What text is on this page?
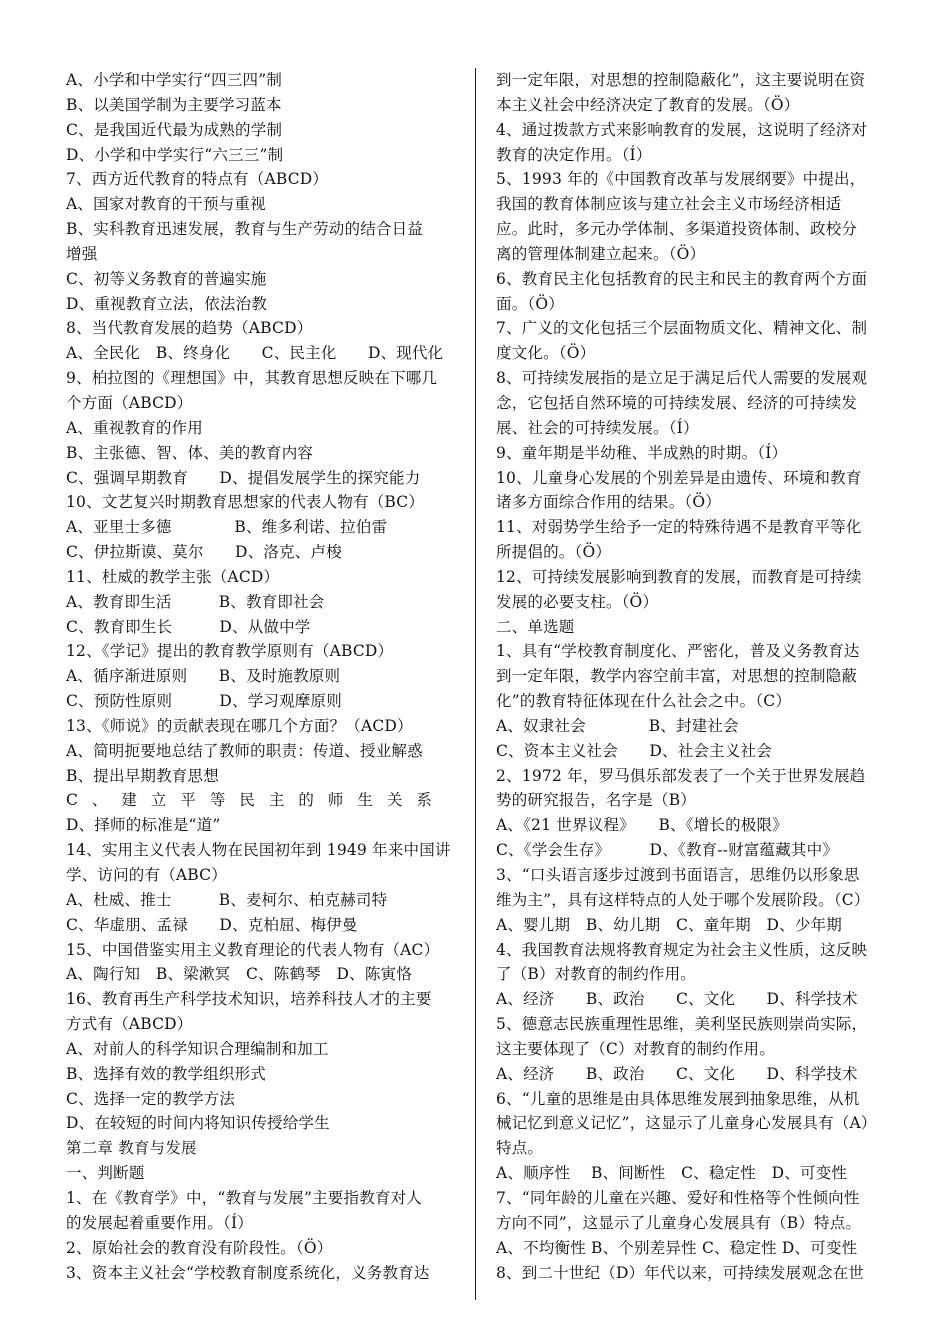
A、小学和中学实行“四三四”制
B、以美国学制为主要学习蓝本
C、是我国近代最为成熟的学制
D、小学和中学实行“六三三”制
7、西方近代教育的特点有（ABCD）
A、国家对教育的干预与重视
B、实科教育迅速发展，教育与生产劳动的结合日益
增强
C、初等义务教育的普遍实施
D、重视教育立法，依法治教
8、当代教育发展的趋势（ABCD）
A、全民化　B、终身化　　C、民主化　　D、现代化
9、柏拉图的《理想国》中，其教育思想反映在下哪几
个方面（ABCD）
A、重视教育的作用
B、主张德、智、体、美的教育内容
C、强调早期教育　　D、提倡发展学生的探究能力
10、文艺复兴时期教育思想家的代表人物有（BC）
A、亚里士多德　　　　B、维多利诺、拉伯雷
C、伊拉斯谟、莫尔　　D、洛克、卢梭
11、杜威的教学主张（ACD）
A、教育即生活　　　B、教育即社会
C、教育即生长　　　D、从做中学
12、《学记》提出的教育教学原则有（ABCD）
A、循序渐进原则　　B、及时施教原则
C、预防性原则　　　D、学习观摩原则
13、《师说》的贡献表现在哪几个方面？（ACD）
A、简明扼要地总结了教师的职责：传道、授业解惑
B、提出早期教育思想
C、建立平等民主的师生关系
D、择师的标准是“道”
14、实用主义代表人物在民国初年到 1949 年来中国讲
学、访问的有（ABC）
A、杜威、推士　　　B、麦柯尔、柏克赫司特
C、华虚朋、孟禄　　D、克柏屈、梅伊曼
15、中国借鉴实用主义教育理论的代表人物有（AC）
A、陶行知　B、梁漱冥　C、陈鹤琴　D、陈寅恪
16、教育再生产科学技术知识，培养科技人才的主要
方式有（ABCD）
A、对前人的科学知识合理编制和加工
B、选择有效的教学组织形式
C、选择一定的教学方法
D、在较短的时间内将知识传授给学生
第二章 教育与发展
一、判断题
1、在《教育学》中，“教育与发展”主要指教育对人
的发展起着重要作用。（Í）
2、原始社会的教育没有阶段性。（Ö）
3、资本主义社会“学校教育制度系统化，义务教育达
到一定年限，对思想的控制隐蔽化”，这主要说明在资
本主义社会中经济决定了教育的发展。（Ö）
4、通过拨款方式来影响教育的发展，这说明了经济对
教育的决定作用。（Í）
5、1993 年的《中国教育改革与发展纲要》中提出，
我国的教育体制应该与建立社会主义市场经济相适
应。此时，多元办学体制、多渠道投资体制、政校分
离的管理体制建立起来。（Ö）
6、教育民主化包括教育的民主和民主的教育两个方面
面。（Ö）
7、广义的文化包括三个层面物质文化、精神文化、制
度文化。（Ö）
8、可持续发展指的是立足于满足后代人需要的发展观
念，它包括自然环境的可持续发展、经济的可持续发
展、社会的可持续发展。（Í）
9、童年期是半幼稚、半成熟的时期。（Í）
10、儿童身心发展的个别差异是由遗传、环境和教育
诸多方面综合作用的结果。（Ö）
11、对弱势学生给予一定的特殊待遇不是教育平等化
所提倡的。（Ö）
12、可持续发展影响到教育的发展，而教育是可持续
发展的必要支柱。（Ö）
二、单选题
1、具有“学校教育制度化、严密化，普及义务教育达
到一定年限，教学内容空前丰富，对思想的控制隐蔽
化”的教育特征体现在什么社会之中。（C）
A、奴隶社会　　　　B、封建社会
C、资本主义社会　　D、社会主义社会
2、1972 年，罗马俱乐部发表了一个关于世界发展趋
势的研究报告，名字是（B）
A、《21 世界议程》　　B、《增长的极限》
C、《学会生存》　　　D、《教育--财富蕴藏其中》
3、“口头语言逐步过渡到书面语言，思维仍以形象思
维为主”，具有这样特点的人处于哪个发展阶段。（C）
A、婴儿期　B、幼儿期　C、童年期　D、少年期
4、我国教育法规将教育规定为社会主义性质，这反映
了（B）对教育的制约作用。
A、经济　　B、政治　　C、文化　　D、科学技术
5、德意志民族重理性思维，美利坚民族则崇尚实际，
这主要体现了（C）对教育的制约作用。
A、经济　　B、政治　　C、文化　　D、科学技术
6、“儿童的思维是由具体思维发展到抽象思维，从机
械记忆到意义记忆”，这显示了儿童身心发展具有（A）
特点。
A、顺序性　 B、间断性　C、稳定性　D、可变性
7、“同年龄的儿童在兴趣、爱好和性格等个性倾向性
方向不同”，这显示了儿童身心发展具有（B）特点。
A、不均衡性 B、个别差异性 C、稳定性 D、可变性
8、到二十世纪（D）年代以来，可持续发展观念在世
